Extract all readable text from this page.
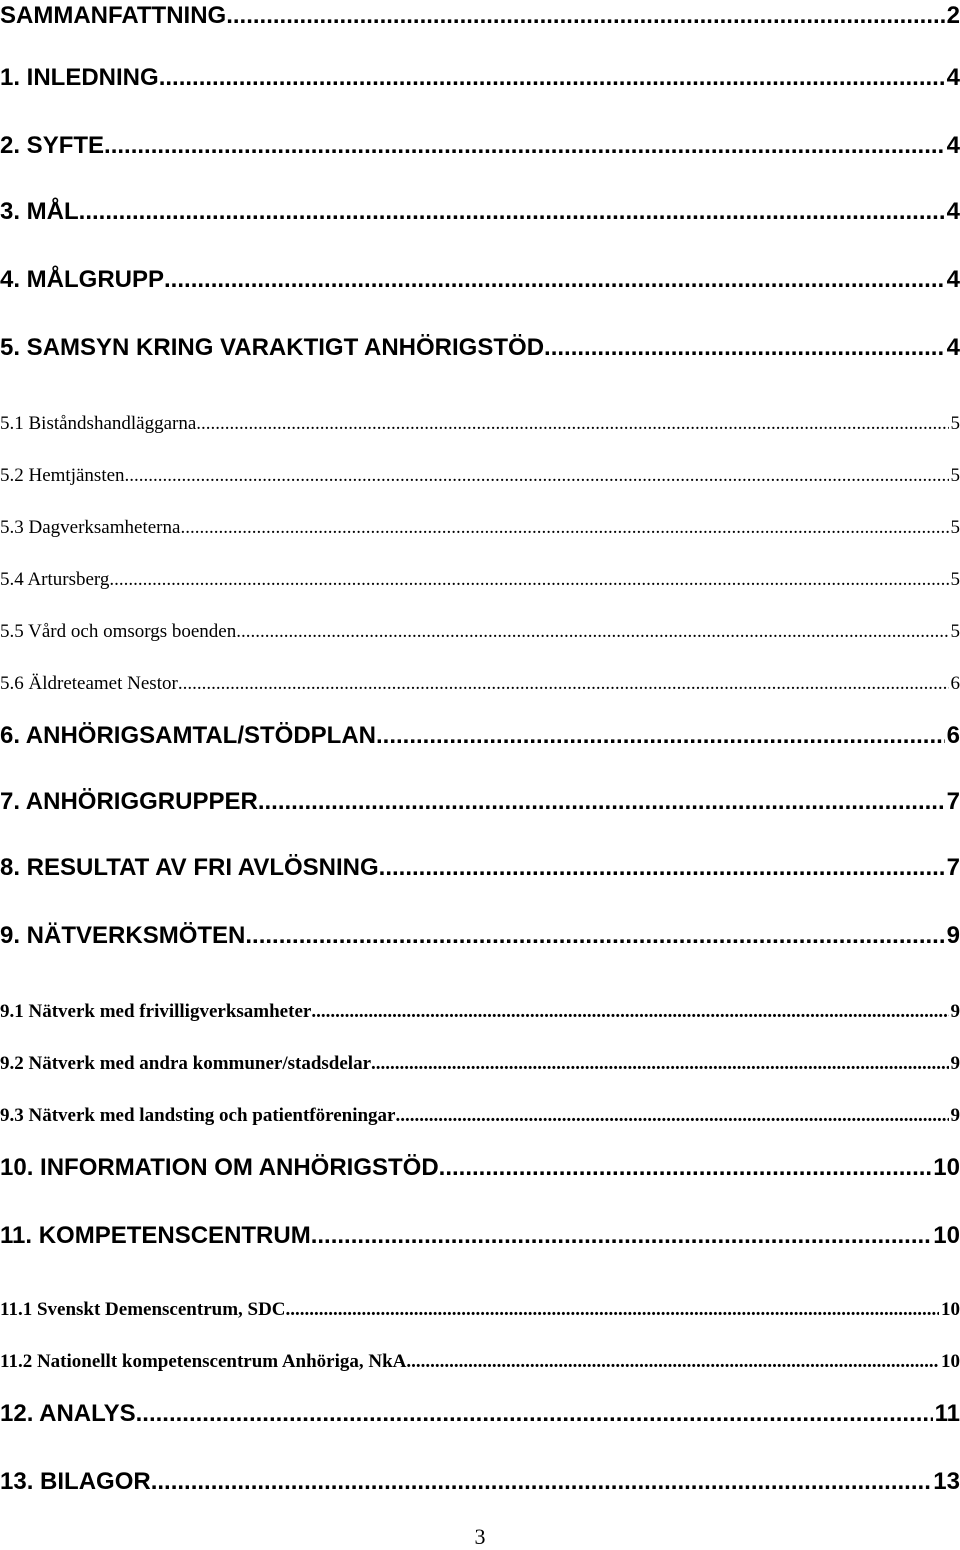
SAMMANFATTNING .....	2
1. INLEDNING .....	4
2. SYFTE .....	4
3. MÅL .....	4
4. MÅLGRUPP .....	4
5. SAMSYN KRING VARAKTIGT ANHÖRIGSTÖD .....	4
5.1 Biståndshandläggarna .....	5
5.2 Hemtjänsten .....	5
5.3 Dagverksamheterna .....	5
5.4 Artursberg .....	5
5.5 Vård och omsorgs boenden .....	5
5.6 Äldreteamet Nestor .....	6
6. ANHÖRIGSAMTAL/STÖDPLAN .....	6
7. ANHÖRIGGRUPPER .....	7
8. RESULTAT AV FRI AVLÖSNING .....	7
9. NÄTVERKSMÖTEN .....	9
9.1 Nätverk med frivilligverksamheter .....	9
9.2 Nätverk med andra kommuner/stadsdelar .....	9
9.3 Nätverk med landsting och patientföreningar .....	9
10. INFORMATION OM ANHÖRIGSTÖD .....	10
11. KOMPETENSCENTRUM .....	10
11.1 Svenskt Demenscentrum, SDC .....	10
11.2 Nationellt kompetenscentrum Anhöriga, NkA .....	10
12. ANALYS .....	11
13. BILAGOR .....	13
3
